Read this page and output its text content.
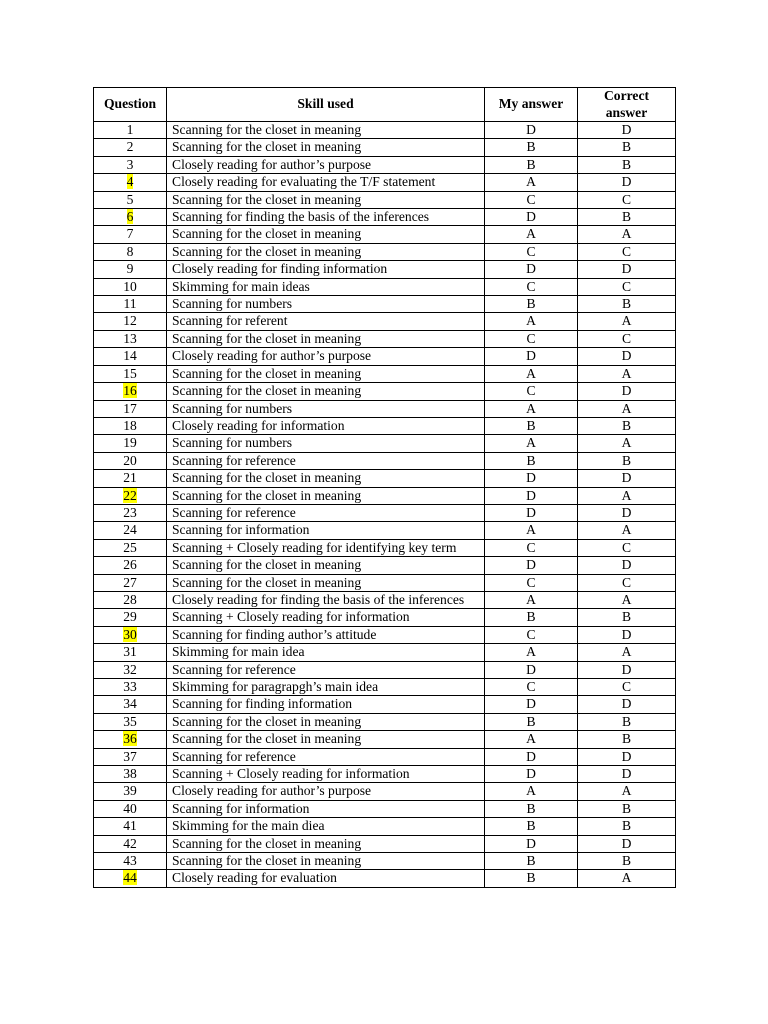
Question	Skill used	My answer	Correct answer
1	Scanning for the closet in meaning	D	D
2	Scanning for the closet in meaning	B	B
3	Closely reading for author’s purpose	B	B
4	Closely reading for evaluating the T/F statement	A	D
5	Scanning for the closet in meaning	C	C
6	Scanning for finding the basis of the inferences	D	B
7	Scanning for the closet in meaning	A	A
8	Scanning for the closet in meaning	C	C
9	Closely reading for finding information	D	D
10	Skimming for main ideas	C	C
11	Scanning for numbers	B	B
12	Scanning for referent	A	A
13	Scanning for the closet in meaning	C	C
14	Closely reading for author’s purpose	D	D
15	Scanning for the closet in meaning	A	A
16	Scanning for the closet in meaning	C	D
17	Scanning for numbers	A	A
18	Closely reading for information	B	B
19	Scanning for numbers	A	A
20	Scanning for reference	B	B
21	Scanning for the closet in meaning	D	D
22	Scanning for the closet in meaning	D	A
23	Scanning for reference	D	D
24	Scanning for information	A	A
25	Scanning + Closely reading for identifying key term	C	C
26	Scanning for the closet in meaning	D	D
27	Scanning for the closet in meaning	C	C
28	Closely reading for finding the basis of the inferences	A	A
29	Scanning + Closely reading for information	B	B
30	Scanning for finding author’s attitude	C	D
31	Skimming for main idea	A	A
32	Scanning for reference	D	D
33	Skimming for paragrapgh’s main idea	C	C
34	Scanning for finding information	D	D
35	Scanning for the closet in meaning	B	B
36	Scanning for the closet in meaning	A	B
37	Scanning for reference	D	D
38	Scanning + Closely reading for information	D	D
39	Closely reading for author’s purpose	A	A
40	Scanning for information	B	B
41	Skimming for the main diea	B	B
42	Scanning for the closet in meaning	D	D
43	Scanning for the closet in meaning	B	B
44	Closely reading for evaluation	B	A
